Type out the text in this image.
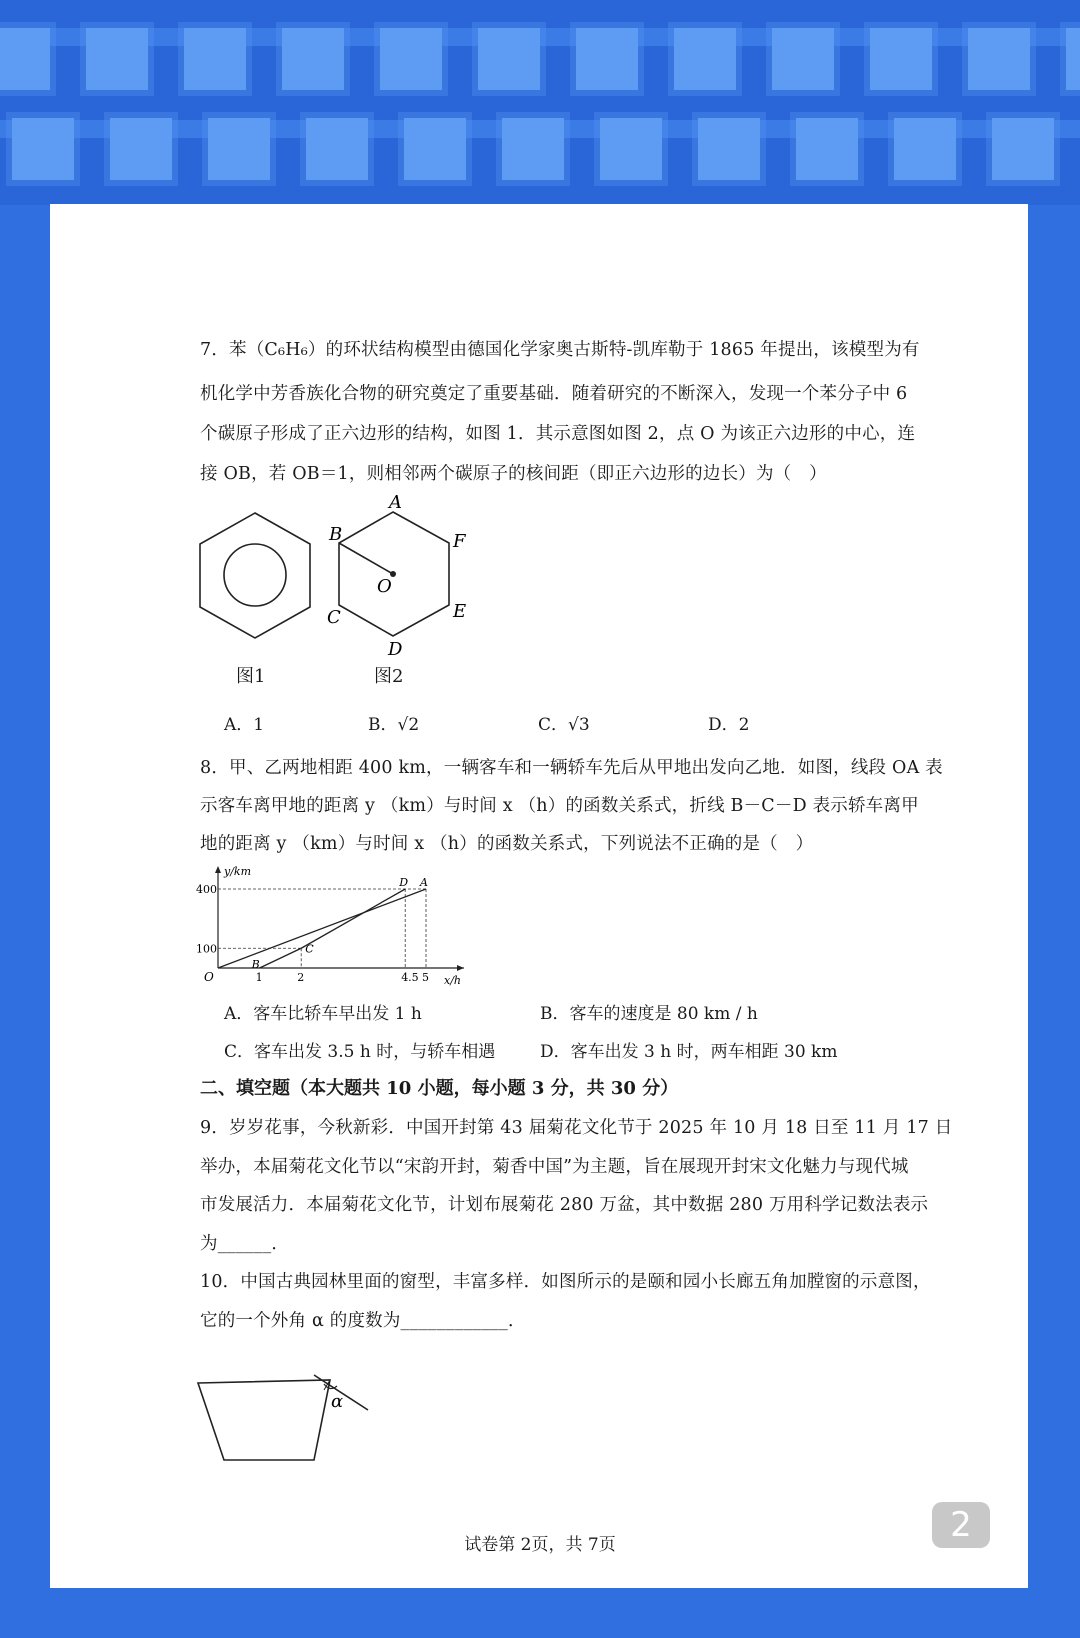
7．苯（C₆H₆）的环状结构模型由德国化学家奥古斯特-凯库勒于 1865 年提出，该模型为有
机化学中芳香族化合物的研究奠定了重要基础．随着研究的不断深入，发现一个苯分子中 6
个碳原子形成了正六边形的结构，如图 1．其示意图如图 2，点 O 为该正六边形的中心，连
接 OB，若 OB＝1，则相邻两个碳原子的核间距（即正六边形的边长）为（　）
图1
A
B
C
D
E
F
O
图2
A．1	B．√2	C．√3	D．2
8．甲、乙两地相距 400 km，一辆客车和一辆轿车先后从甲地出发向乙地．如图，线段 OA 表
示客车离甲地的距离 y （km）与时间 x （h）的函数关系式，折线 B－C－D 表示轿车离甲
地的距离 y （km）与时间 x （h）的函数关系式，下列说法不正确的是（　）
y/km
x/h
O
100
400
1	2	4.5 5
A
B
C
D
A．客车比轿车早出发 1 h	B．客车的速度是 80 km / h
C．客车出发 3.5 h 时，与轿车相遇	D．客车出发 3 h 时，两车相距 30 km
二、填空题（本大题共 10 小题，每小题 3 分，共 30 分）
9．岁岁花事，今秋新彩．中国开封第 43 届菊花文化节于 2025 年 10 月 18 日至 11 月 17 日
举办，本届菊花文化节以“宋韵开封，菊香中国”为主题，旨在展现开封宋文化魅力与现代城
市发展活力．本届菊花文化节，计划布展菊花 280 万盆，其中数据 280 万用科学记数法表示
为______．
10．中国古典园林里面的窗型，丰富多样．如图所示的是颐和园小长廊五角加膛窗的示意图，
它的一个外角 α 的度数为____________．
α
试卷第 2页，共 7页	2
